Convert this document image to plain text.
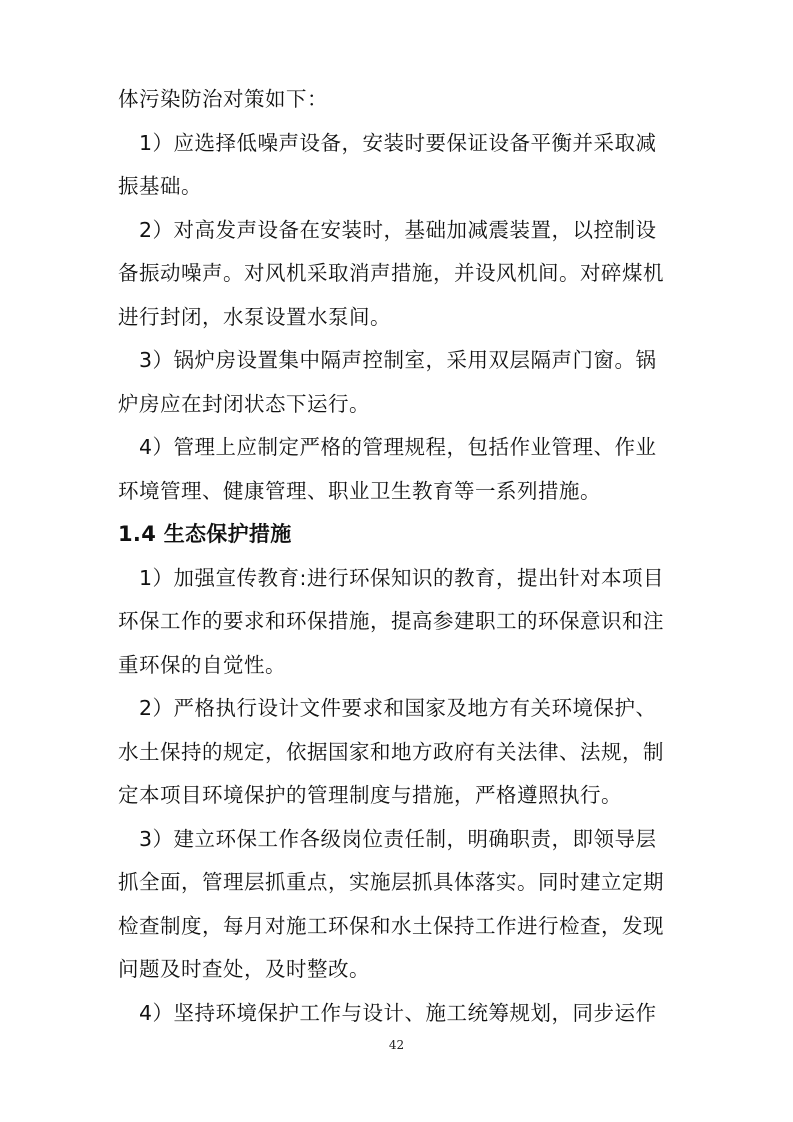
体污染防治对策如下：
1）应选择低噪声设备，安装时要保证设备平衡并采取减
振基础。
2）对高发声设备在安装时，基础加减震装置，以控制设
备振动噪声。对风机采取消声措施，并设风机间。对碎煤机
进行封闭，水泵设置水泵间。
3）锅炉房设置集中隔声控制室，采用双层隔声门窗。锅
炉房应在封闭状态下运行。
4）管理上应制定严格的管理规程，包括作业管理、作业
环境管理、健康管理、职业卫生教育等一系列措施。
1.4 生态保护措施
1）加强宣传教育:进行环保知识的教育，提出针对本项目
环保工作的要求和环保措施，提高参建职工的环保意识和注
重环保的自觉性。
2）严格执行设计文件要求和国家及地方有关环境保护、
水土保持的规定，依据国家和地方政府有关法律、法规，制
定本项目环境保护的管理制度与措施，严格遵照执行。
3）建立环保工作各级岗位责任制，明确职责，即领导层
抓全面，管理层抓重点，实施层抓具体落实。同时建立定期
检查制度，每月对施工环保和水土保持工作进行检查，发现
问题及时查处，及时整改。
4）坚持环境保护工作与设计、施工统筹规划，同步运作
42
